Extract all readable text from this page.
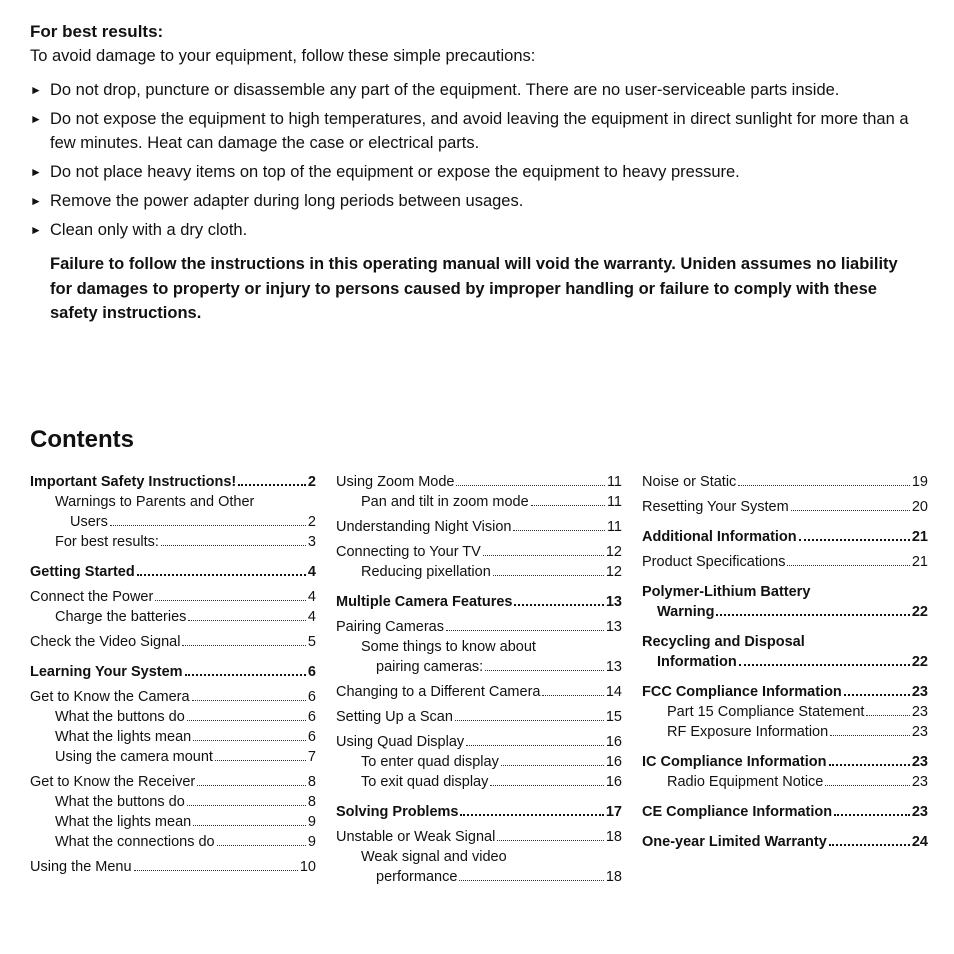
For best results:
To avoid damage to your equipment, follow these simple precautions:
► Do not drop, puncture or disassemble any part of the equipment. There are no user-serviceable parts inside.
► Do not expose the equipment to high temperatures, and avoid leaving the equipment in direct sunlight for more than a few minutes. Heat can damage the case or electrical parts.
► Do not place heavy items on top of the equipment or expose the equipment to heavy pressure.
► Remove the power adapter during long periods between usages.
► Clean only with a dry cloth.
Failure to follow the instructions in this operating manual will void the warranty. Uniden assumes no liability for damages to property or injury to persons caused by improper handling or failure to comply with these safety instructions.
Contents
Important Safety Instructions!	2
Warnings to Parents and Other
Users	2
For best results:	3
Getting Started	4
Connect the Power	4
Charge the batteries	4
Check the Video Signal	5
Learning Your System	6
Get to Know the Camera	6
What the buttons do	6
What the lights mean	6
Using the camera mount	7
Get to Know the Receiver	8
What the buttons do	8
What the lights mean	9
What the connections do	9
Using the Menu	10
Using Zoom Mode	11
Pan and tilt in zoom mode	11
Understanding Night Vision	11
Connecting to Your TV	12
Reducing pixellation	12
Multiple Camera Features	13
Pairing Cameras	13
Some things to know about
pairing cameras:	13
Changing to a Different Camera	14
Setting Up a Scan	15
Using Quad Display	16
To enter quad display	16
To exit quad display	16
Solving Problems	17
Unstable or Weak Signal	18
Weak signal and video
performance	18
Noise or Static	19
Resetting Your System	20
Additional Information	21
Product Specifications	21
Polymer-Lithium Battery
Warning	22
Recycling and Disposal
Information	22
FCC Compliance Information	23
Part 15 Compliance Statement	23
RF Exposure Information	23
IC Compliance Information	23
Radio Equipment Notice	23
CE Compliance Information	23
One-year Limited Warranty	24
